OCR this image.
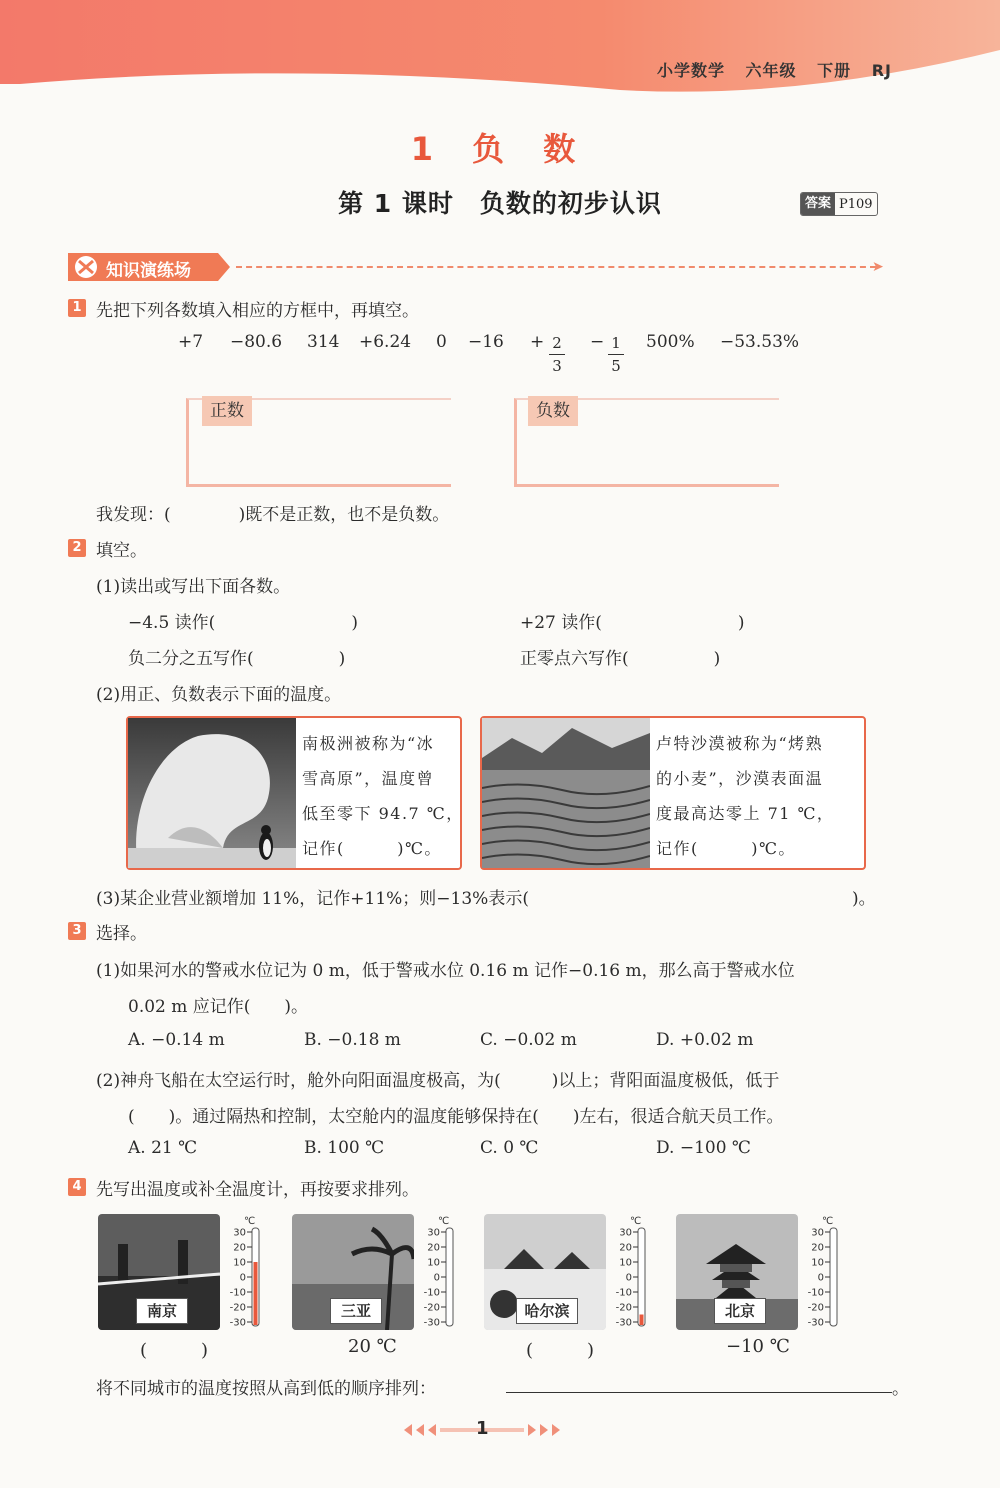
小学数学 六年级 下册 RJ
1 负 数
第 1 课时　负数的初步认识	答案 P109
知识演练场	➤
1 先把下列各数填入相应的方框中，再填空。
+7 −80.6 314 +6.24 0 −16 + 2
3
− 1
5
500% −53.53%
正数	负数
我发现：(　　　　)既不是正数，也不是负数。
2 填空。
(1)读出或写出下面各数。
−4.5 读作(　　　　　　　　)	+27 读作(　　　　　　　　)
负二分之五写作(　　　　　)	正零点六写作(　　　　　)
(2)用正、负数表示下面的温度。
南极洲被称为“冰
雪高原”，温度曾
低至零下 94.7 ℃，
记作(　　　)℃。
卢特沙漠被称为“烤熟
的小麦”，沙漠表面温
度最高达零上 71 ℃，
记作(　　　)℃。
(3)某企业营业额增加 11%，记作+11%；则−13%表示(　　　　　　　　　　　　　　　　　　　)。
3 选择。
(1)如果河水的警戒水位记为 0 m，低于警戒水位 0.16 m 记作−0.16 m，那么高于警戒水位
0.02 m 应记作(　　)。
A. −0.14 m	B. −0.18 m	C. −0.02 m	D. +0.02 m
(2)神舟飞船在太空运行时，舱外向阳面温度极高，为(　　　)以上；背阳面温度极低，低于
(　　)。通过隔热和控制，太空舱内的温度能够保持在(　　)左右，很适合航天员工作。
A. 21 ℃	B. 100 ℃	C. 0 ℃	D. −100 ℃
4 先写出温度或补全温度计，再按要求排列。
南京
℃
30
20
10
0
-10
-20
-30
(　　　)
三亚
℃
30
20
10
0
-10
-20
-30
20 ℃
哈尔滨
℃
30
20
10
0
-10
-20
-30
(　　　)
北京
℃
30
20
10
0
-10
-20
-30
−10 ℃
将不同城市的温度按照从高到低的顺序排列：	。
1
